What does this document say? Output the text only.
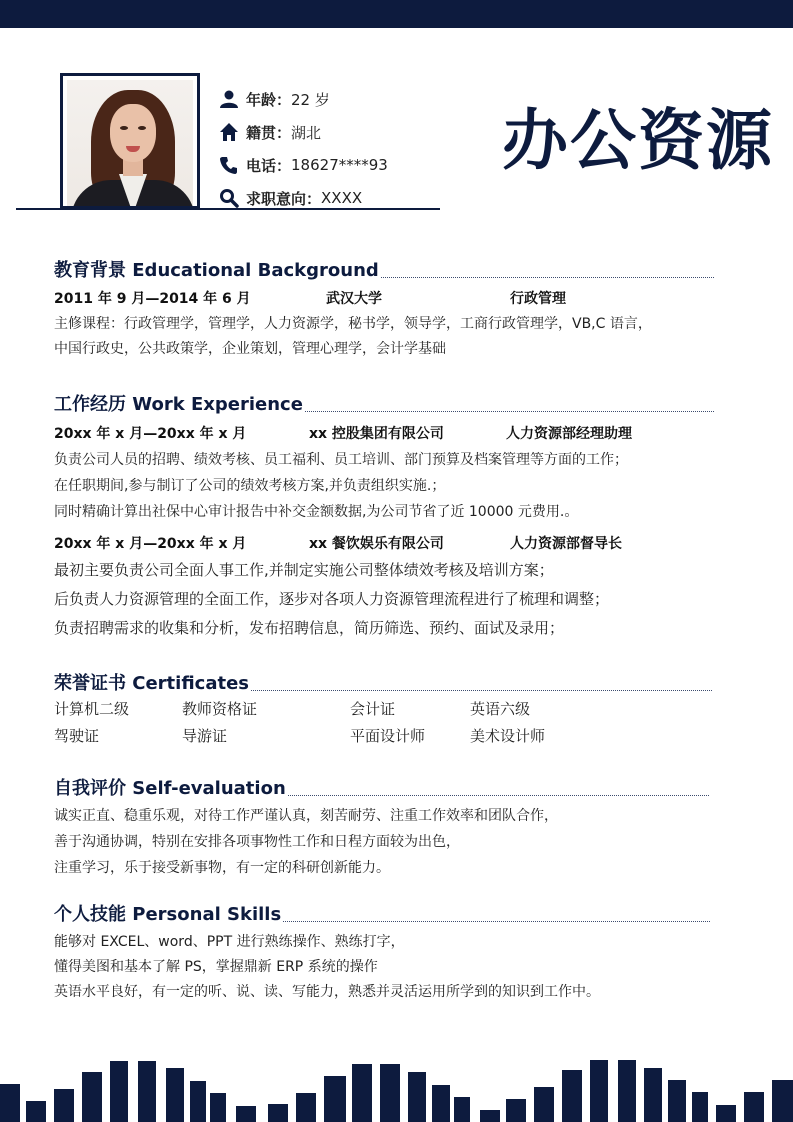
年龄： 22 岁
籍贯： 湖北
电话： 18627****93
求职意向： XXXX
办公资源
教育背景 Educational Background
2011 年 9 月—2014 年 6 月	武汉大学	行政管理
主修课程：行政管理学，管理学，人力资源学，秘书学，领导学，工商行政管理学，VB,C 语言，
中国行政史，公共政策学，企业策划，管理心理学，会计学基础
工作经历 Work Experience
20xx 年 x 月—20xx 年 x 月	xx 控股集团有限公司	人力资源部经理助理
负责公司人员的招聘、绩效考核、员工福利、员工培训、部门预算及档案管理等方面的工作；
在任职期间,参与制订了公司的绩效考核方案,并负责组织实施.；
同时精确计算出社保中心审计报告中补交金额数据,为公司节省了近 10000 元费用.。
20xx 年 x 月—20xx 年 x 月	xx 餐饮娱乐有限公司	人力资源部督导长
最初主要负责公司全面人事工作,并制定实施公司整体绩效考核及培训方案；
后负责人力资源管理的全面工作，逐步对各项人力资源管理流程进行了梳理和调整；
负责招聘需求的收集和分析，发布招聘信息，简历筛选、预约、面试及录用；
荣誉证书 Certificates
计算机二级	教师资格证	会计证	英语六级
驾驶证	导游证	平面设计师	美术设计师
自我评价 Self-evaluation
诚实正直、稳重乐观，对待工作严谨认真，刻苦耐劳、注重工作效率和团队合作，
善于沟通协调，特别在安排各项事物性工作和日程方面较为出色，
注重学习，乐于接受新事物，有一定的科研创新能力。
个人技能 Personal Skills
能够对 EXCEL、word、PPT 进行熟练操作、熟练打字，
懂得美图和基本了解 PS，掌握鼎新 ERP 系统的操作
英语水平良好，有一定的听、说、读、写能力，熟悉并灵活运用所学到的知识到工作中。
